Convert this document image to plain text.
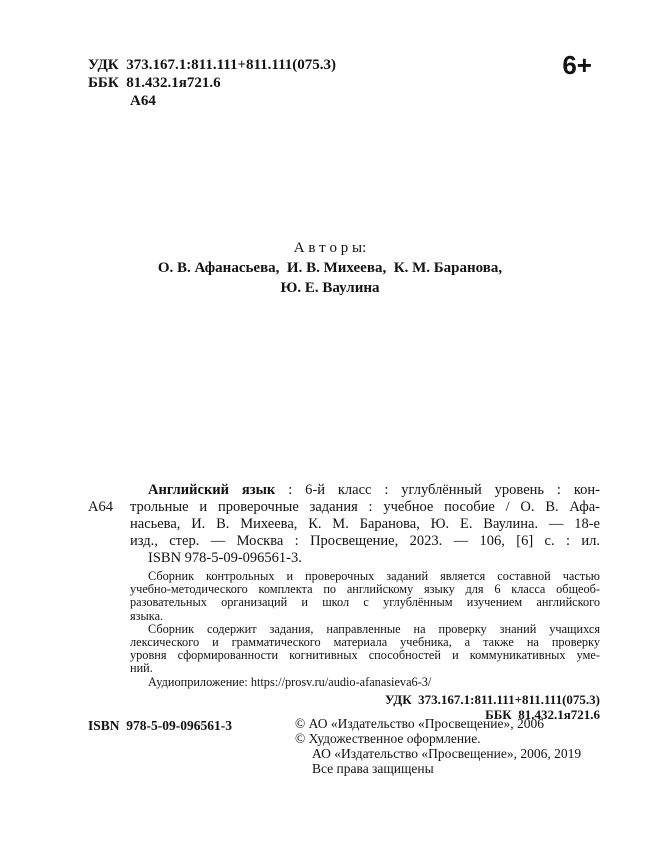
УДК  373.167.1:811.111+811.111(075.3)
ББК  81.432.1я721.6
А64
6+
А в т о р ы:
О. В. Афанасьева,  И. В. Михеева,  К. М. Баранова,
Ю. Е. Ваулина
А64
Английский язык : 6-й класс : углублённый уровень : кон-
трольные и проверочные задания : учебное пособие / О. В. Афа-
насьева, И. В. Михеева, К. М. Баранова, Ю. Е. Ваулина. — 18-е
изд., стер. — Москва : Просвещение, 2023. — 106, [6] с. : ил.
ISBN 978-5-09-096561-3.
Сборник контрольных и проверочных заданий является составной частью
учебно-методического комплекта по английскому языку для 6 класса общеоб-
разовательных организаций и школ с углублённым изучением английского
языка.
Сборник содержит задания, направленные на проверку знаний учащихся
лексического и грамматического материала учебника, а также на проверку
уровня сформированности когнитивных способностей и коммуникативных уме-
ний.
Аудиоприложение: https://prosv.ru/audio-afanasieva6-3/
УДК  373.167.1:811.111+811.111(075.3)
ББК  81.432.1я721.6
ISBN  978-5-09-096561-3	© АО «Издательство «Просвещение», 2006
© Художественное оформление.
АО «Издательство «Просвещение», 2006, 2019
Все права защищены
